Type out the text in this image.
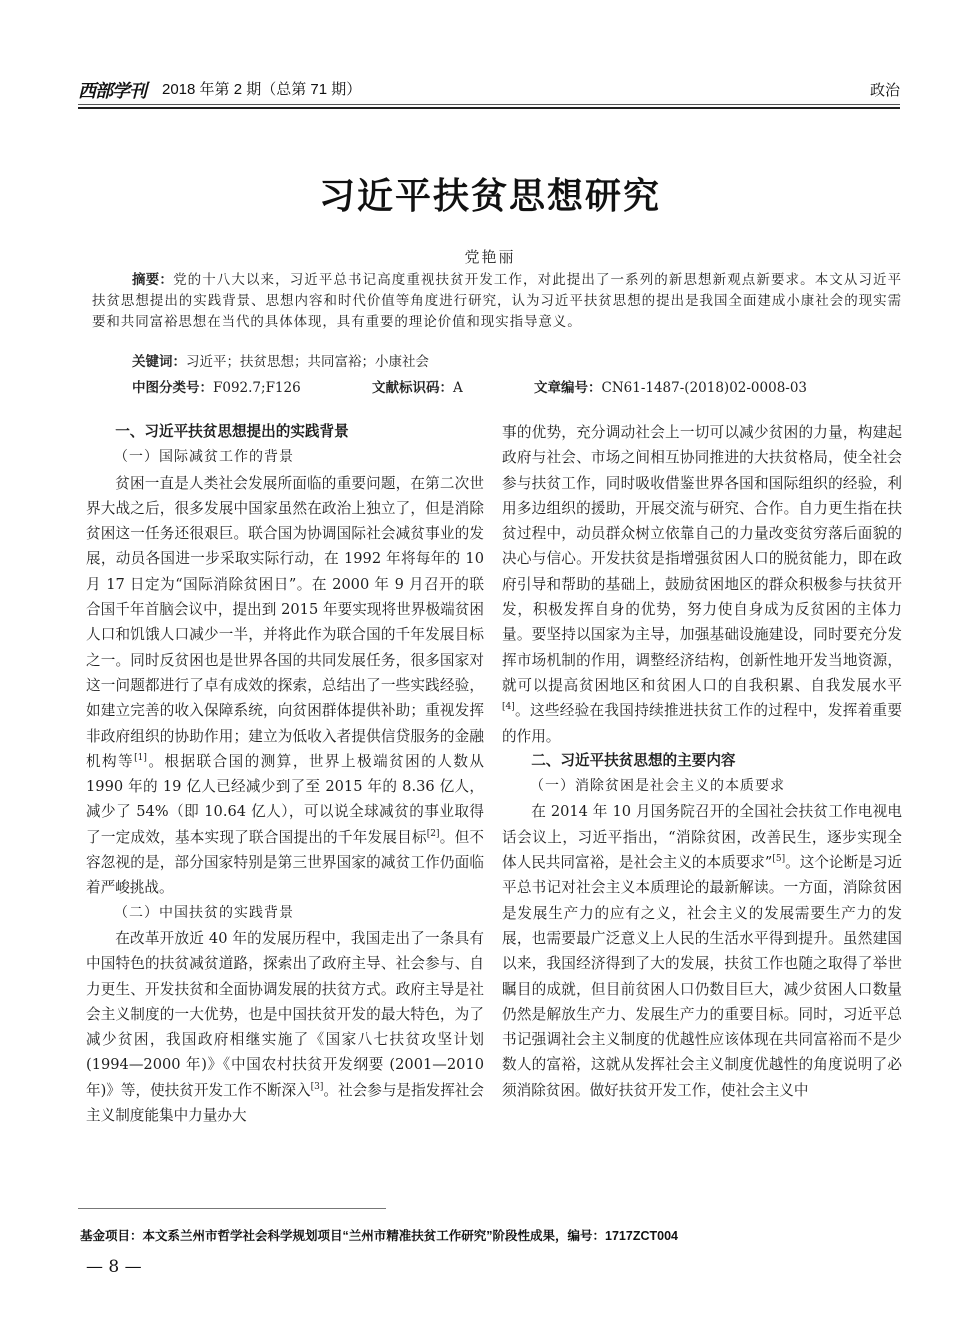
西部学刊 2018 年第 2 期（总第 71 期）	政治
习近平扶贫思想研究
党艳丽
摘要：党的十八大以来，习近平总书记高度重视扶贫开发工作，对此提出了一系列的新思想新观点新要求。本文从习近平扶贫思想提出的实践背景、思想内容和时代价值等角度进行研究，认为习近平扶贫思想的提出是我国全面建成小康社会的现实需要和共同富裕思想在当代的具体体现，具有重要的理论价值和现实指导意义。
关键词：习近平；扶贫思想；共同富裕；小康社会
中图分类号：F092.7;F126	文献标识码：A	文章编号：CN61-1487-(2018)02-0008-03
一、习近平扶贫思想提出的实践背景
（一）国际减贫工作的背景

贫困一直是人类社会发展所面临的重要问题，在第二次世界大战之后，很多发展中国家虽然在政治上独立了，但是消除贫困这一任务还很艰巨。联合国为协调国际社会减贫事业的发展，动员各国进一步采取实际行动，在 1992 年将每年的 10 月 17 日定为“国际消除贫困日”。在 2000 年 9 月召开的联合国千年首脑会议中，提出到 2015 年要实现将世界极端贫困人口和饥饿人口减少一半，并将此作为联合国的千年发展目标之一。同时反贫困也是世界各国的共同发展任务，很多国家对这一问题都进行了卓有成效的探索，总结出了一些实践经验，如建立完善的收入保障系统，向贫困群体提供补助；重视发挥非政府组织的协助作用；建立为低收入者提供信贷服务的金融机构等[1]。根据联合国的测算，世界上极端贫困的人数从 1990 年的 19 亿人已经减少到了至 2015 年的 8.36 亿人，减少了 54%（即 10.64 亿人），可以说全球减贫的事业取得了一定成效，基本实现了联合国提出的千年发展目标[2]。但不容忽视的是，部分国家特别是第三世界国家的减贫工作仍面临着严峻挑战。

（二）中国扶贫的实践背景

在改革开放近 40 年的发展历程中，我国走出了一条具有中国特色的扶贫减贫道路，探索出了政府主导、社会参与、自力更生、开发扶贫和全面协调发展的扶贫方式。政府主导是社会主义制度的一大优势，也是中国扶贫开发的最大特色，为了减少贫困，我国政府相继实施了《国家八七扶贫攻坚计划 (1994—2000 年)》《中国农村扶贫开发纲要 (2001—2010 年)》等，使扶贫开发工作不断深入[3]。社会参与是指发挥社会主义制度能集中力量办大

事的优势，充分调动社会上一切可以减少贫困的力量，构建起政府与社会、市场之间相互协同推进的大扶贫格局，使全社会参与扶贫工作，同时吸收借鉴世界各国和国际组织的经验，利用多边组织的援助，开展交流与研究、合作。自力更生指在扶贫过程中，动员群众树立依靠自己的力量改变贫穷落后面貌的决心与信心。开发扶贫是指增强贫困人口的脱贫能力，即在政府引导和帮助的基础上，鼓励贫困地区的群众积极参与扶贫开发，积极发挥自身的优势，努力使自身成为反贫困的主体力量。要坚持以国家为主导，加强基础设施建设，同时要充分发挥市场机制的作用，调整经济结构，创新性地开发当地资源，就可以提高贫困地区和贫困人口的自我积累、自我发展水平[4]。这些经验在我国持续推进扶贫工作的过程中，发挥着重要的作用。

二、习近平扶贫思想的主要内容
（一）消除贫困是社会主义的本质要求

在 2014 年 10 月国务院召开的全国社会扶贫工作电视电话会议上，习近平指出，“消除贫困，改善民生，逐步实现全体人民共同富裕，是社会主义的本质要求”[5]。这个论断是习近平总书记对社会主义本质理论的最新解读。一方面，消除贫困是发展生产力的应有之义，社会主义的发展需要生产力的发展，也需要最广泛意义上人民的生活水平得到提升。虽然建国以来，我国经济得到了大的发展，扶贫工作也随之取得了举世瞩目的成就，但目前贫困人口仍数目巨大，减少贫困人口数量仍然是解放生产力、发展生产力的重要目标。同时，习近平总书记强调社会主义制度的优越性应该体现在共同富裕而不是少数人的富裕，这就从发挥社会主义制度优越性的角度说明了必须消除贫困。做好扶贫开发工作，使社会主义中

基金项目：本文系兰州市哲学社会科学规划项目“兰州市精准扶贫工作研究”阶段性成果，编号：1717ZCT004
— 8 —
